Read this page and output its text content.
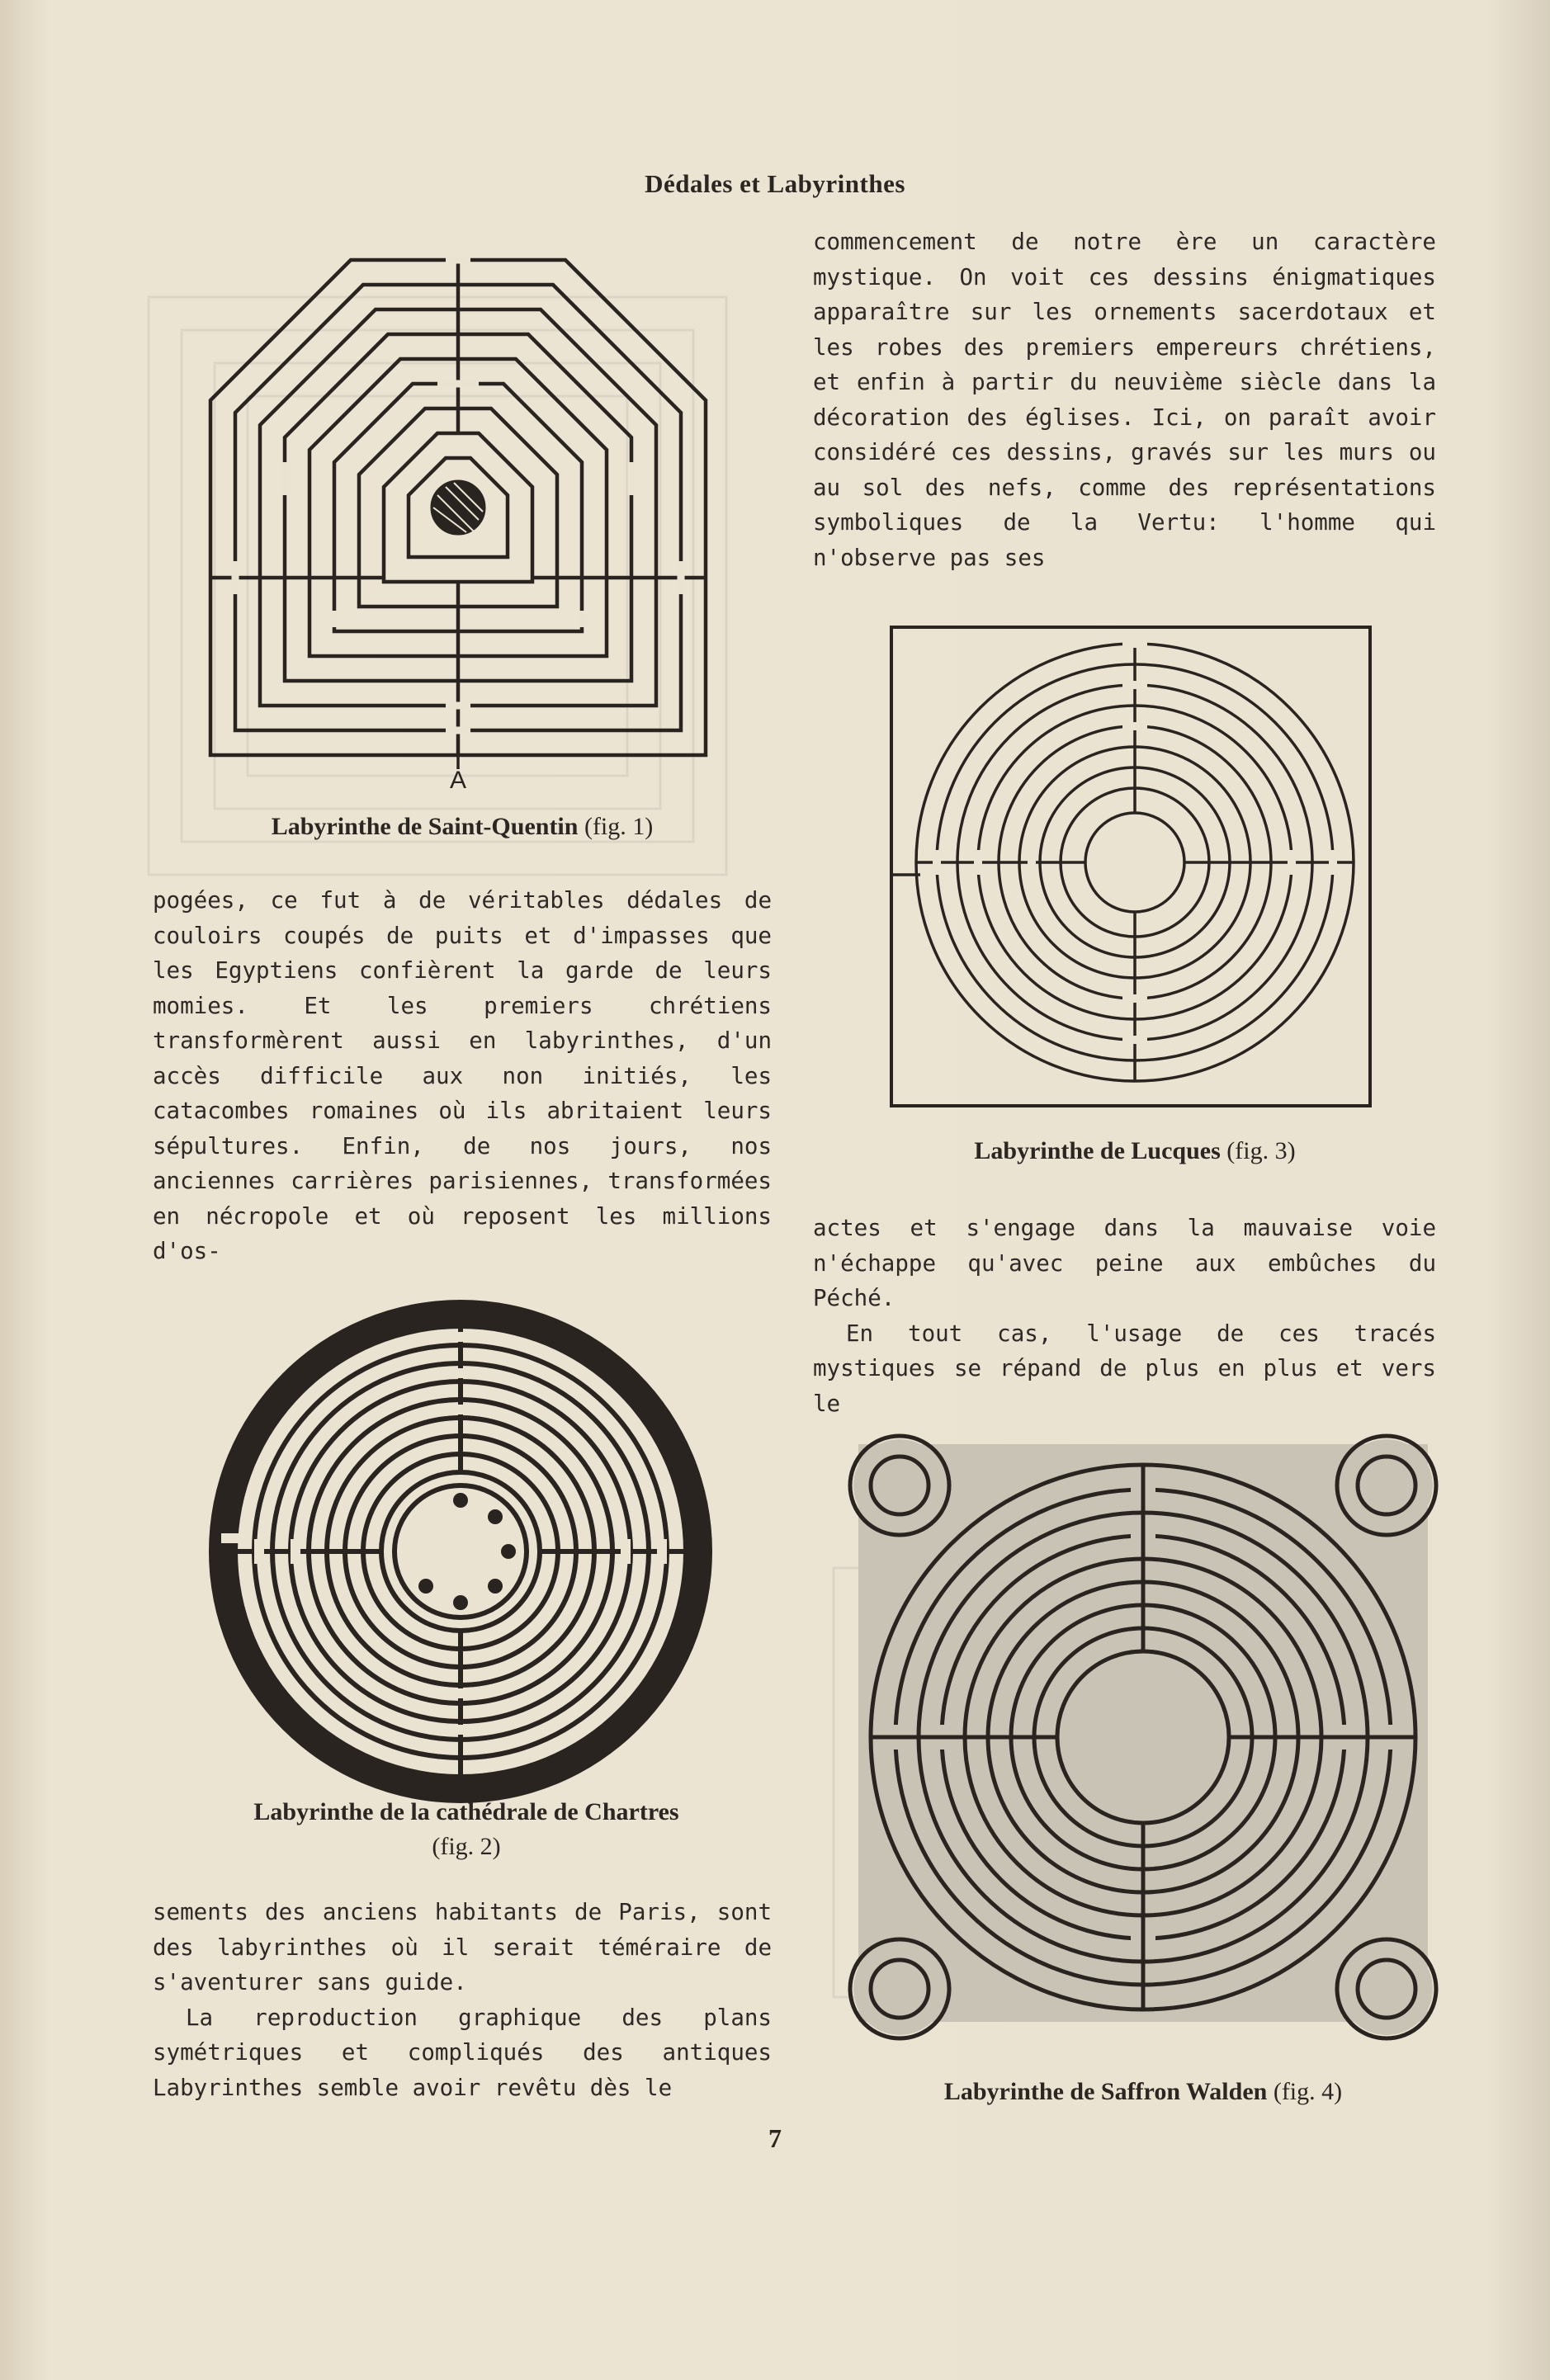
Dédales et Labyrinthes
A
Labyrinthe de Saint-Quentin (fig. 1)

commencement de notre ère un caractère mystique. On voit ces dessins énigmatiques apparaître sur les ornements sacerdotaux et les robes des premiers empereurs chrétiens, et enfin à partir du neuvième siècle dans la décoration des églises. Ici, on paraît avoir considéré ces dessins, gravés sur les murs ou au sol des nefs, comme des représentations symboliques de la Vertu: l'homme qui n'observe pas ses

Labyrinthe de Lucques (fig. 3)

pogées, ce fut à de véritables dédales de couloirs coupés de puits et d'impasses que les Egyptiens confièrent la garde de leurs momies. Et les premiers chrétiens transformèrent aussi en labyrinthes, d'un accès difficile aux non initiés, les catacombes romaines où ils abritaient leurs sépultures. Enfin, de nos jours, nos anciennes carrières parisiennes, transformées en nécropole et où reposent les millions d'os-

actes et s'engage dans la mauvaise voie n'échappe qu'avec peine aux embûches du Péché.

En tout cas, l'usage de ces tracés mystiques se répand de plus en plus et vers le

Labyrinthe de la cathédrale de Chartres
(fig. 2)

sements des anciens habitants de Paris, sont des labyrinthes où il serait téméraire de s'aventurer sans guide.

La reproduction graphique des plans symétriques et compliqués des antiques Labyrinthes semble avoir revêtu dès le	Labyrinthe de Saffron Walden (fig. 4)
7
